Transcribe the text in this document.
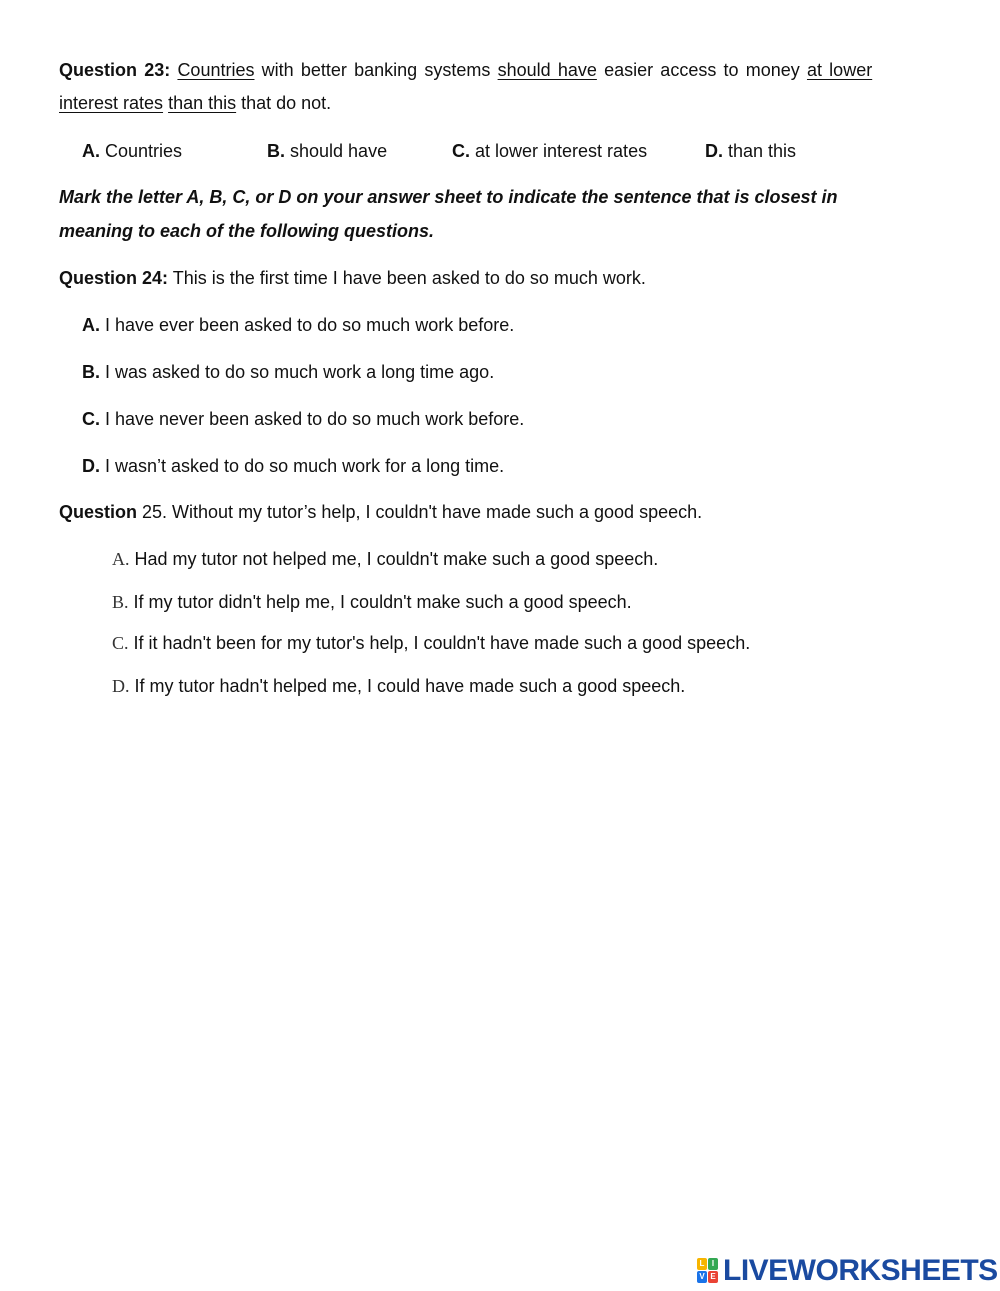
Question 23: Countries with better banking systems should have easier access to money at lower
interest rates than this that do not.
A. Countries	B. should have	C. at lower interest rates	D. than this
Mark the letter A, B, C, or D on your answer sheet to indicate the sentence that is closest in
meaning to each of the following questions.
Question 24: This is the first time I have been asked to do so much work.
A. I have ever been asked to do so much work before.
B. I was asked to do so much work a long time ago.
C. I have never been asked to do so much work before.
D. I wasn’t asked to do so much work for a long time.
Question 25. Without my tutor’s help, I couldn't have made such a good speech.
A. Had my tutor not helped me, I couldn't make such a good speech.
B. If my tutor didn't help me, I couldn't make such a good speech.
C. If it hadn't been for my tutor's help, I couldn't have made such a good speech.
D. If my tutor hadn't helped me, I could have made such a good speech.
L I
V E LIVEWORKSHEETS
